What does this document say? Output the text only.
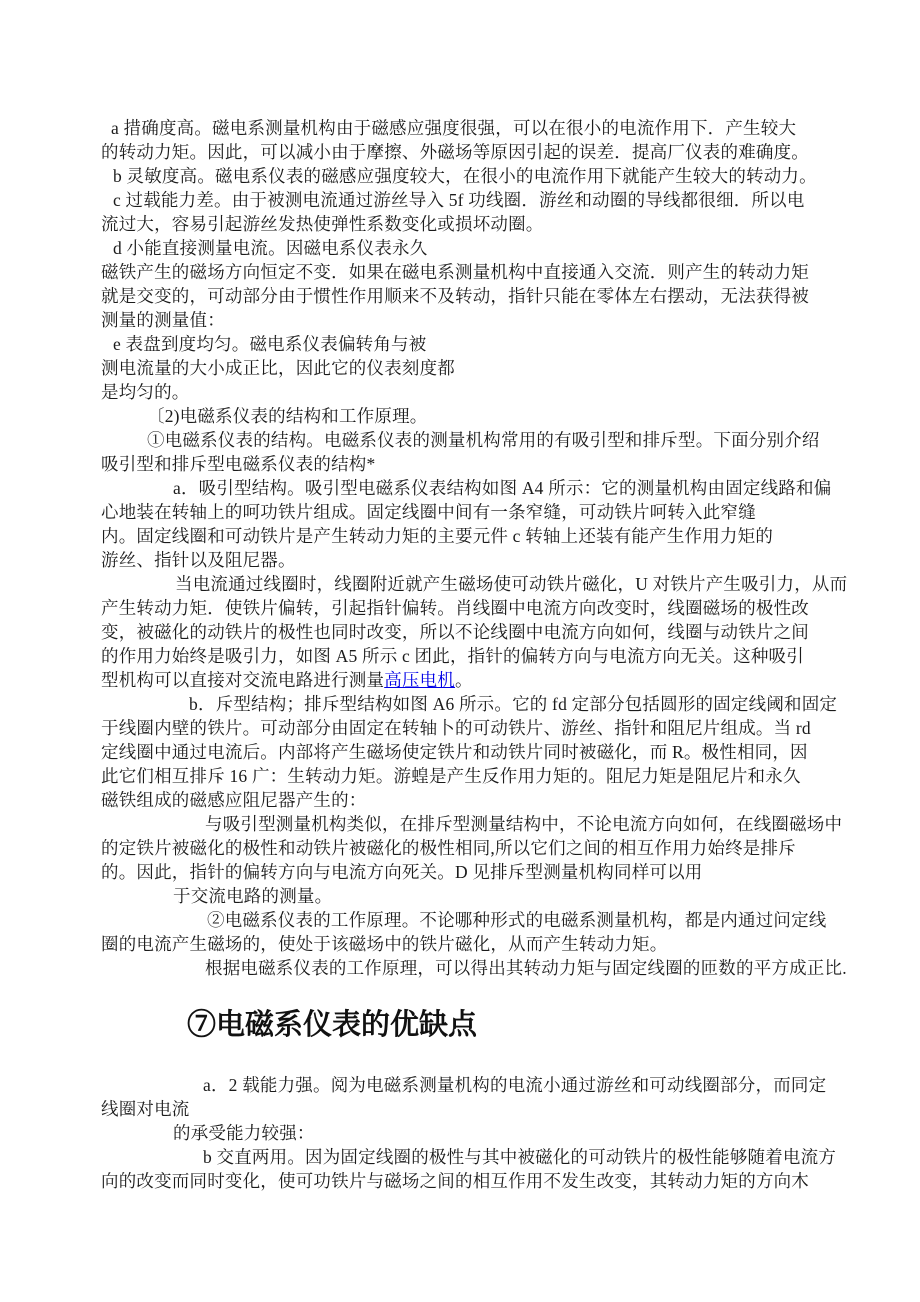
a 措确度高。磁电系测量机构由于磁感应强度很强，可以在很小的电流作用下．产生较大
的转动力矩。因此，可以减小由于摩擦、外磁场等原因引起的误差．提高厂仪表的难确度。
b 灵敏度高。磁电系仪表的磁感应强度较大，在很小的电流作用下就能产生较大的转动力。
c 过载能力差。由于被测电流通过游丝导入 5f 功线圈．游丝和动圈的导线都很细．所以电
流过大，容易引起游丝发热使弹性系数变化或损坏动圈。
d 小能直接测量电流。因磁电系仪表永久
磁铁产生的磁场方向恒定不变．如果在磁电系测量机构中直接通入交流．则产生的转动力矩
就是交变的，可动部分由于惯性作用顺来不及转动，指针只能在零体左右摆动，无法获得被
测量的测量值：
e 表盘到度均匀。磁电系仪表偏转角与被
测电流量的大小成正比，因此它的仪表刻度都
是均匀的。
〔2)电磁系仪表的结构和工作原理。
①电磁系仪表的结构。电磁系仪表的测量机构常用的有吸引型和排斥型。下面分别介绍
吸引型和排斥型电磁系仪表的结构*
a．吸引型结构。吸引型电磁系仪表结构如图 A4 所示：它的测量机构由固定线路和偏
心地装在转轴上的呵功铁片组成。固定线圈中间有一条窄缝，可动铁片呵转入此窄缝
内。固定线圈和可动铁片是产生转动力矩的主要元件 c 转轴上还装有能产生作用力矩的
游丝、指针以及阻尼器。
当电流通过线圈时，线圈附近就产生磁场使可动铁片磁化，U 对铁片产生吸引力，从而
产生转动力矩．使铁片偏转，引起指针偏转。肖线圈中电流方向改变时，线圈磁场的极性改
变，被磁化的动铁片的极性也同时改变，所以不论线圈中电流方向如何，线圈与动铁片之间
的作用力始终是吸引力，如图 A5 所示 c 团此，指针的偏转方向与电流方向无关。这种吸引
型机构可以直接对交流电路进行测量高压电机。
b．斥型结构；排斥型结构如图 A6 所示。它的 fd 定部分包括圆形的固定线阈和固定
于线圈内壁的铁片。可动部分由固定在转轴卜的可动铁片、游丝、指针和阻尼片组成。当 rd
定线圈中通过电流后。内部将产生磁场使定铁片和动铁片同时被磁化，而 R。极性相同，因
此它们相互排斥 16 广：生转动力矩。游蝗是产生反作用力矩的。阻尼力矩是阻尼片和永久
磁铁组成的磁感应阻尼器产生的：
与吸引型测量机构类似，在排斥型测量结构中，不论电流方向如何，在线圈磁场中
的定铁片被磁化的极性和动铁片被磁化的极性相同,所以它们之间的相互作用力始终是排斥
的。因此，指针的偏转方向与电流方向死关。D 见排斥型测量机构同样可以用
于交流电路的测量。
②电磁系仪表的工作原理。不论哪种形式的电磁系测量机构，都是内通过问定线
圈的电流产生磁场的，使处于该磁场中的铁片磁化，从而产生转动力矩。
根据电磁系仪表的工作原理，可以得出其转动力矩与固定线圈的匝数的平方成正比.
⑦电磁系仪表的优缺点
a．2 载能力强。阅为电磁系测量机构的电流小通过游丝和可动线圈部分，而同定
线圈对电流
的承受能力较强：
b 交直两用。因为固定线圈的极性与其中被磁化的可动铁片的极性能够随着电流方
向的改变而同时变化，使可功铁片与磁场之间的相互作用不发生改变，其转动力矩的方向木
